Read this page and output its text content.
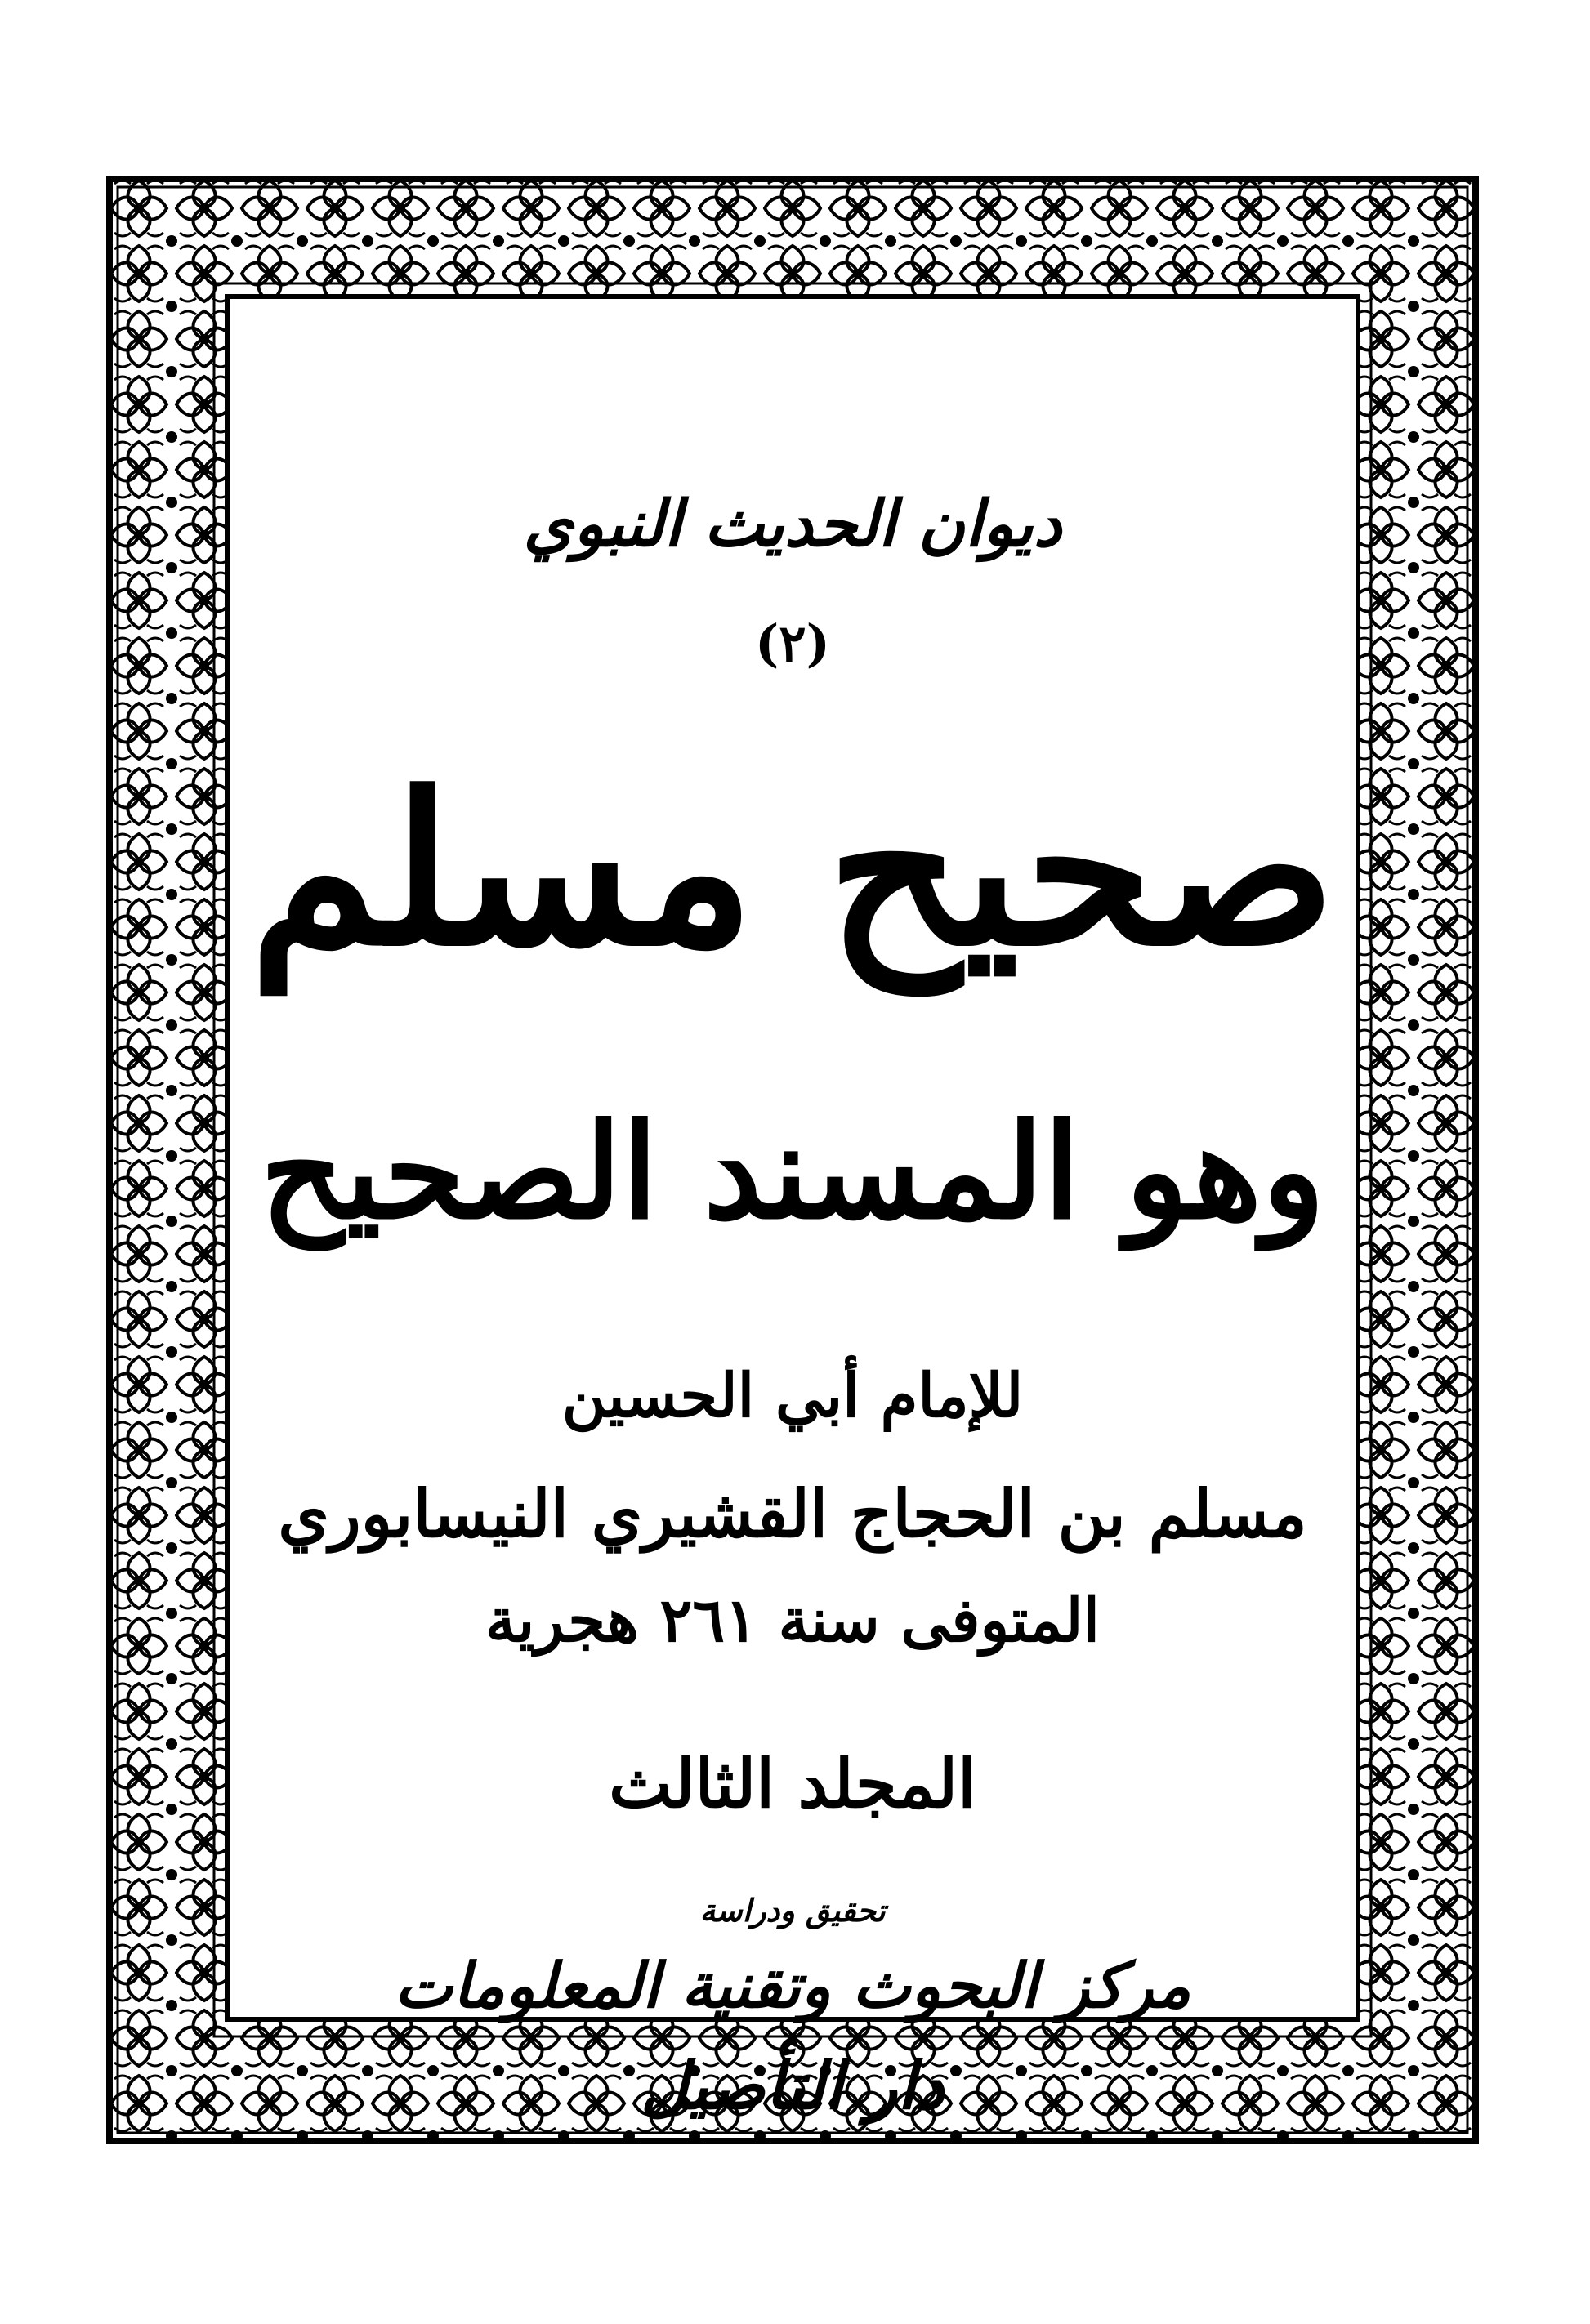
ديوان الحديث النبوي
(٢)
صحيح مسلم
وهو المسند الصحيح
للإمام أبي الحسين
مسلم بن الحجاج القشيري النيسابوري
المتوفى سنة ٢٦١ هجرية
المجلد الثالث
تحقيق ودراسة
مركز البحوث وتقنية المعلومات
دار التأصيل
